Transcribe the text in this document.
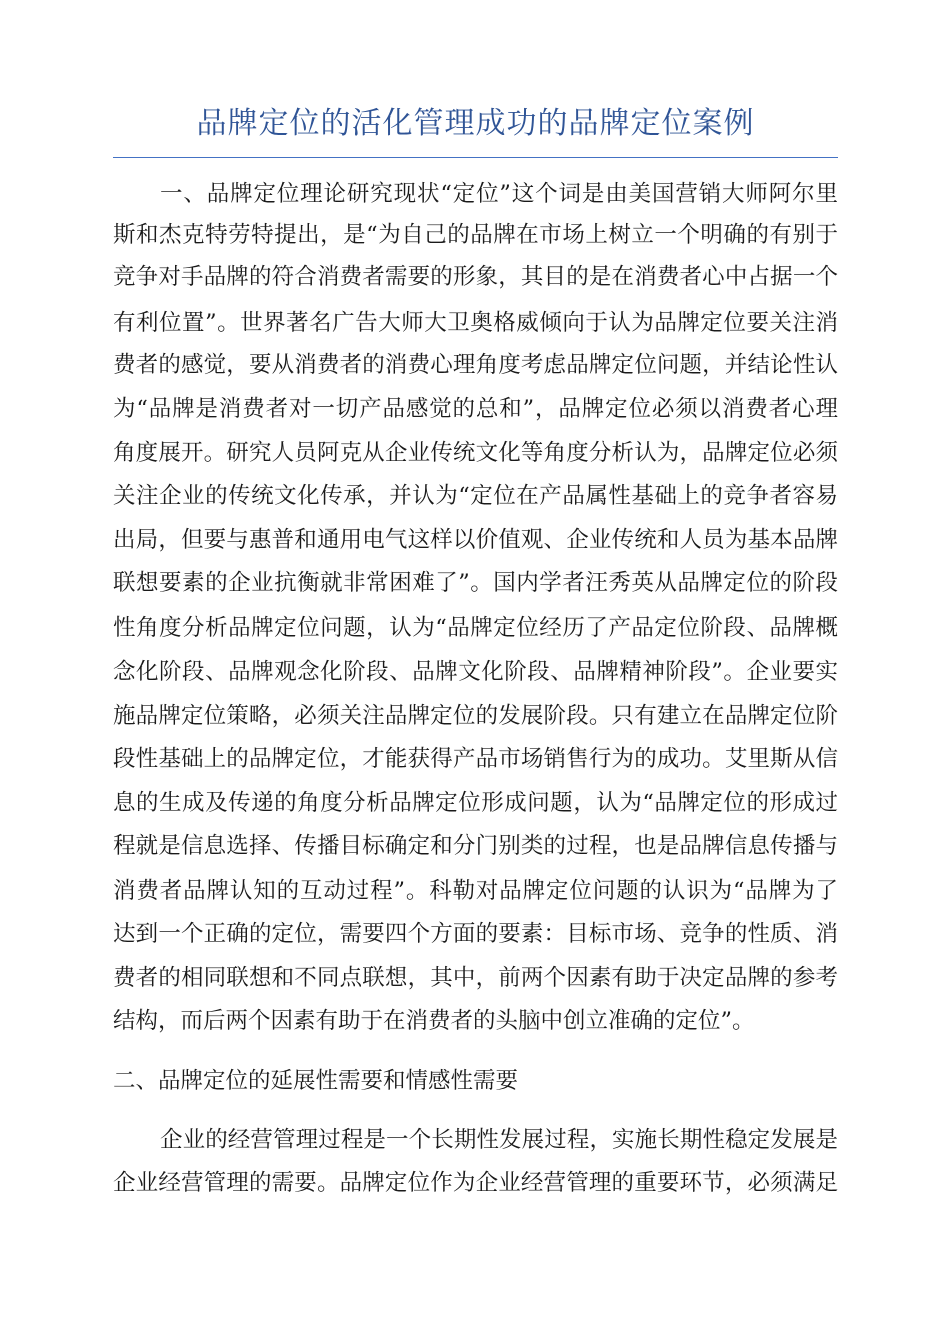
品牌定位的活化管理成功的品牌定位案例
一、品牌定位理论研究现状“定位”这个词是由美国营销大师阿尔里
斯和杰克特劳特提出，是“为自己的品牌在市场上树立一个明确的有别于
竞争对手品牌的符合消费者需要的形象，其目的是在消费者心中占据一个
有利位置”。世界著名广告大师大卫奥格威倾向于认为品牌定位要关注消
费者的感觉，要从消费者的消费心理角度考虑品牌定位问题，并结论性认
为“品牌是消费者对一切产品感觉的总和”，品牌定位必须以消费者心理
角度展开。研究人员阿克从企业传统文化等角度分析认为，品牌定位必须
关注企业的传统文化传承，并认为“定位在产品属性基础上的竞争者容易
出局，但要与惠普和通用电气这样以价值观、企业传统和人员为基本品牌
联想要素的企业抗衡就非常困难了”。国内学者汪秀英从品牌定位的阶段
性角度分析品牌定位问题，认为“品牌定位经历了产品定位阶段、品牌概
念化阶段、品牌观念化阶段、品牌文化阶段、品牌精神阶段”。企业要实
施品牌定位策略，必须关注品牌定位的发展阶段。只有建立在品牌定位阶
段性基础上的品牌定位，才能获得产品市场销售行为的成功。艾里斯从信
息的生成及传递的角度分析品牌定位形成问题，认为“品牌定位的形成过
程就是信息选择、传播目标确定和分门别类的过程，也是品牌信息传播与
消费者品牌认知的互动过程”。科勒对品牌定位问题的认识为“品牌为了
达到一个正确的定位，需要四个方面的要素：目标市场、竞争的性质、消
费者的相同联想和不同点联想，其中，前两个因素有助于决定品牌的参考
结构，而后两个因素有助于在消费者的头脑中创立准确的定位”。
二、品牌定位的延展性需要和情感性需要
企业的经营管理过程是一个长期性发展过程，实施长期性稳定发展是
企业经营管理的需要。品牌定位作为企业经营管理的重要环节，必须满足
